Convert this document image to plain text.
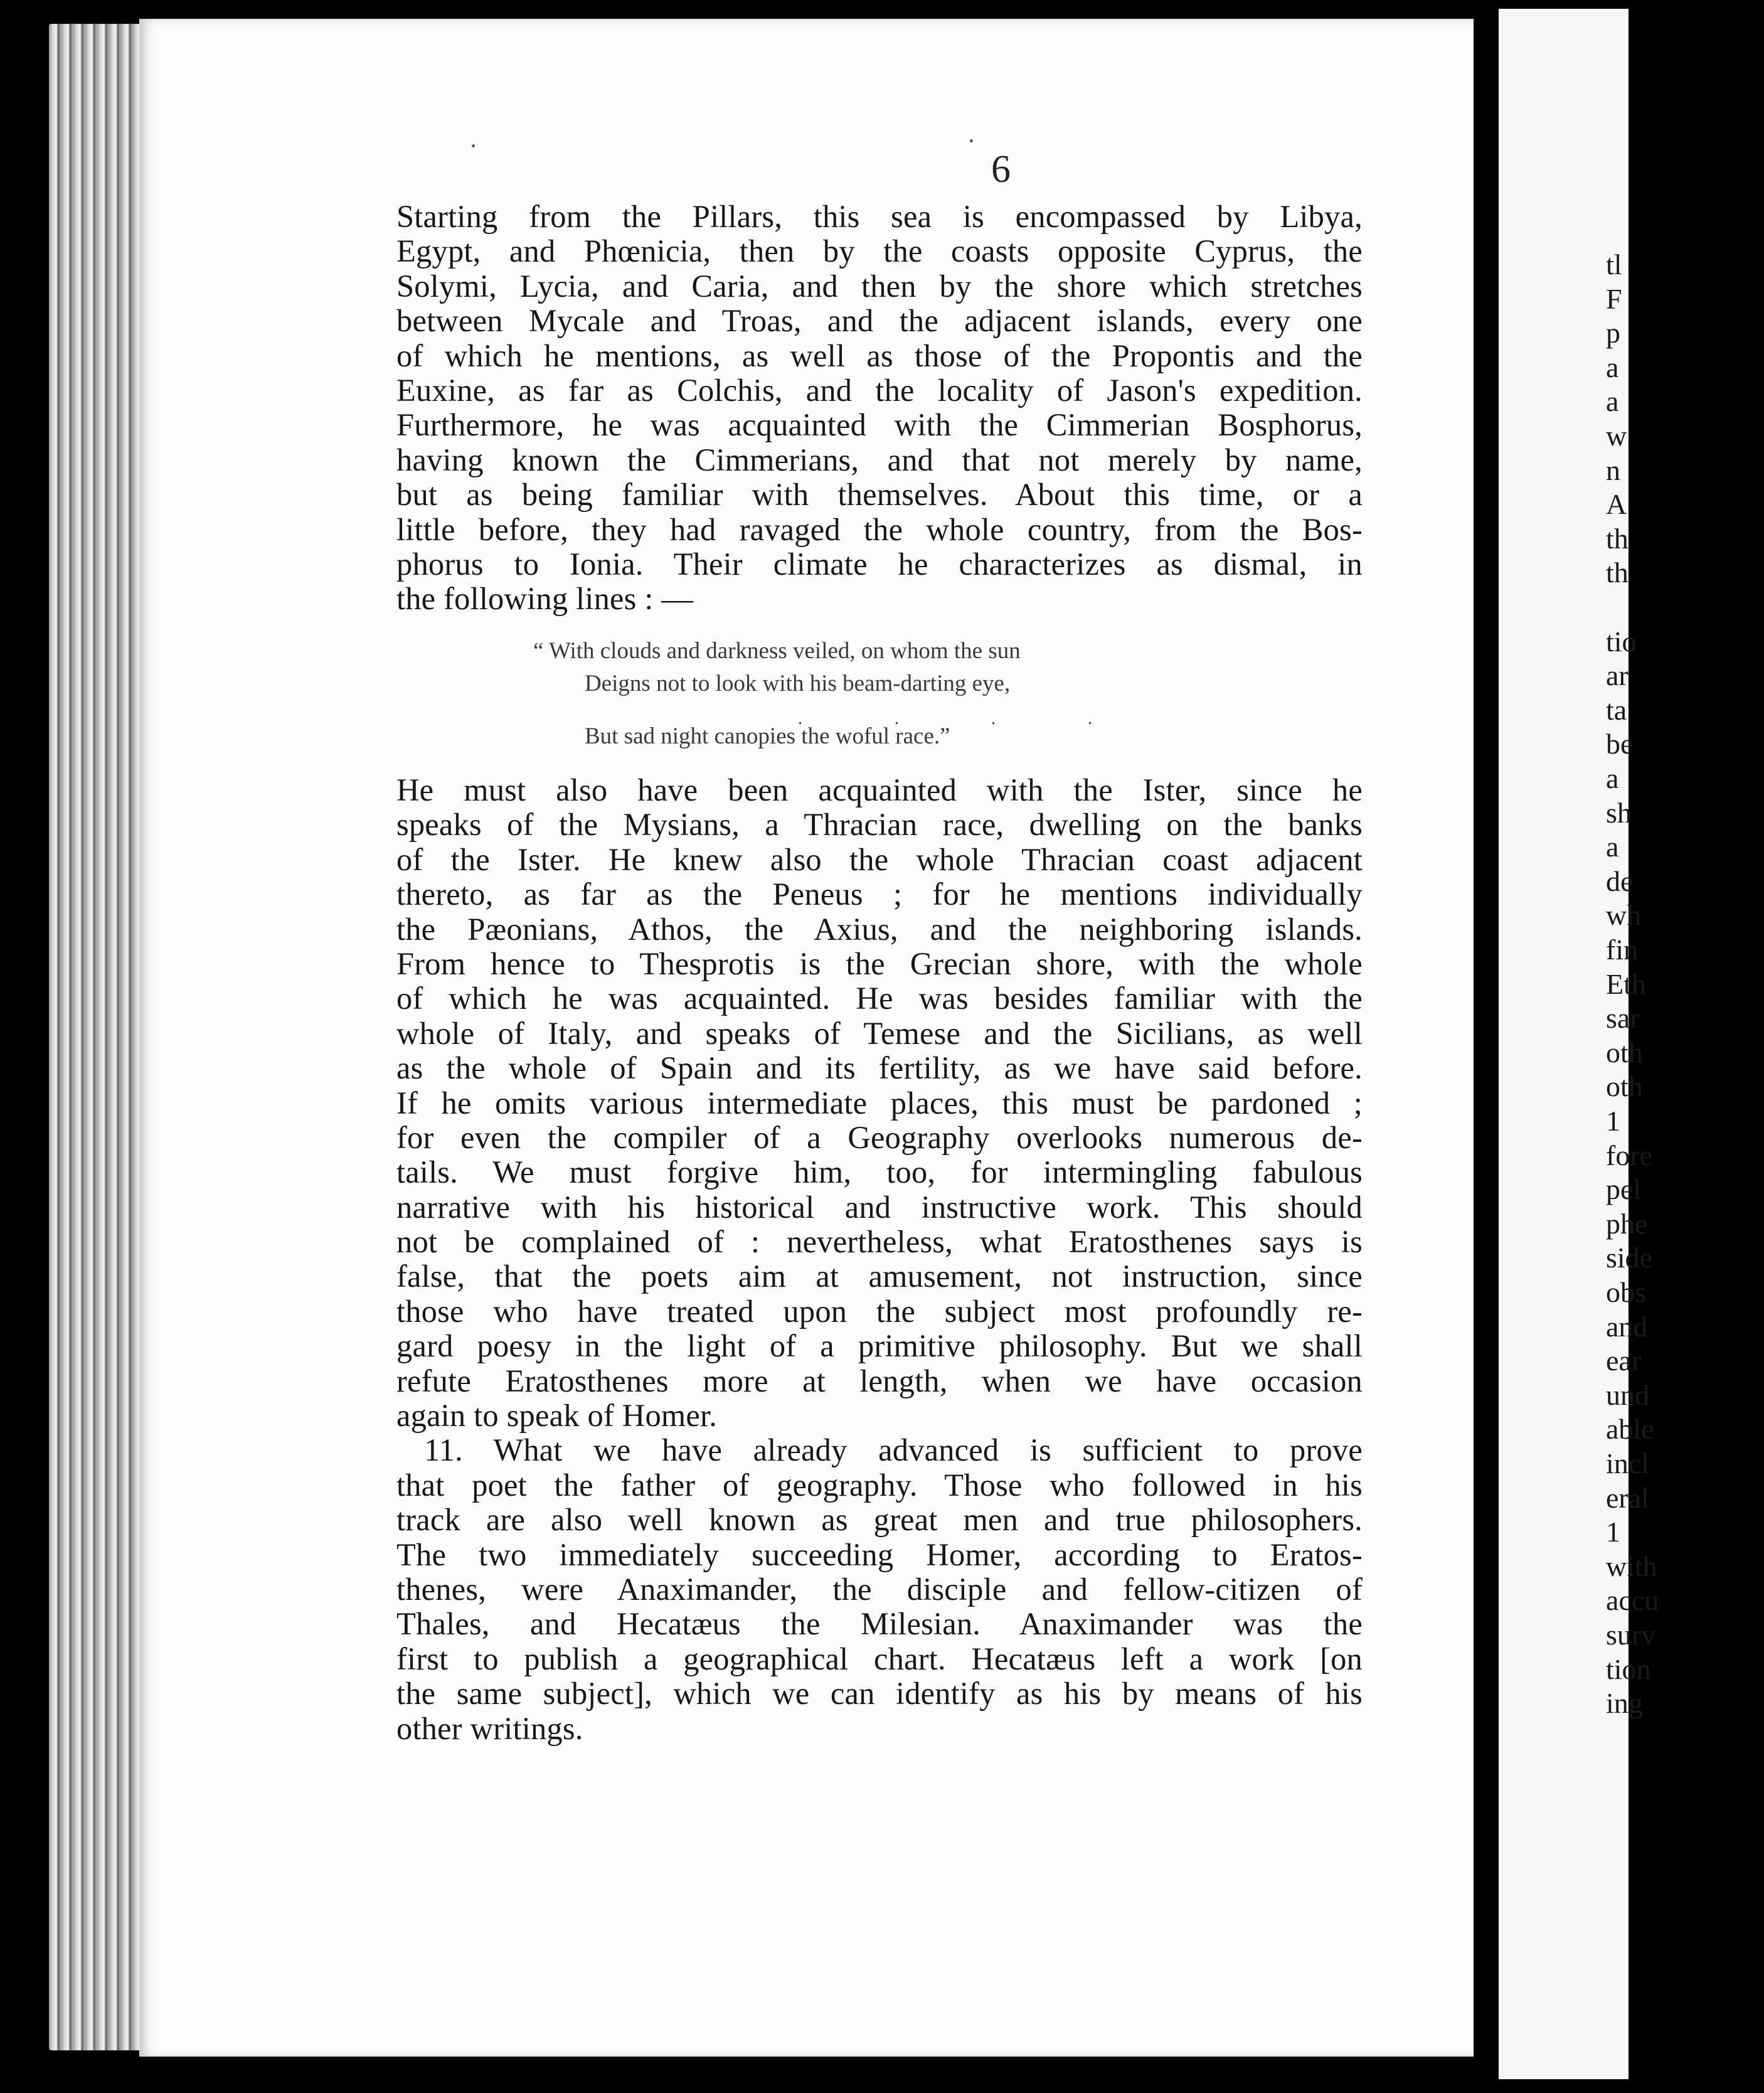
6
Starting from the Pillars, this sea is encompassed by Libya,
Egypt, and Phœnicia, then by the coasts opposite Cyprus, the
Solymi, Lycia, and Caria, and then by the shore which stretches
between Mycale and Troas, and the adjacent islands, every one
of which he mentions, as well as those of the Propontis and the
Euxine, as far as Colchis, and the locality of Jason's expedition.
Furthermore, he was acquainted with the Cimmerian Bosphorus,
having known the Cimmerians, and that not merely by name,
but as being familiar with themselves. About this time, or a
little before, they had ravaged the whole country, from the Bos-
phorus to Ionia. Their climate he characterizes as dismal, in
the following lines : —
“ With clouds and darkness veiled, on whom the sun
Deigns not to look with his beam-darting eye,
. . . .
But sad night canopies the woful race.”
He must also have been acquainted with the Ister, since he
speaks of the Mysians, a Thracian race, dwelling on the banks
of the Ister. He knew also the whole Thracian coast adjacent
thereto, as far as the Peneus ; for he mentions individually
the Pæonians, Athos, the Axius, and the neighboring islands.
From hence to Thesprotis is the Grecian shore, with the whole
of which he was acquainted. He was besides familiar with the
whole of Italy, and speaks of Temese and the Sicilians, as well
as the whole of Spain and its fertility, as we have said before.
If he omits various intermediate places, this must be pardoned ;
for even the compiler of a Geography overlooks numerous de-
tails. We must forgive him, too, for intermingling fabulous
narrative with his historical and instructive work. This should
not be complained of : nevertheless, what Eratosthenes says is
false, that the poets aim at amusement, not instruction, since
those who have treated upon the subject most profoundly re-
gard poesy in the light of a primitive philosophy. But we shall
refute Eratosthenes more at length, when we have occasion
again to speak of Homer.
11. What we have already advanced is sufficient to prove
that poet the father of geography. Those who followed in his
track are also well known as great men and true philosophers.
The two immediately succeeding Homer, according to Eratos-
thenes, were Anaximander, the disciple and fellow-citizen of
Thales, and Hecatæus the Milesian. Anaximander was the
first to publish a geographical chart. Hecatæus left a work [on
the same subject], which we can identify as his by means of his
other writings.
tl
F
p
a
a
w
n
A
th
th
tio
ar
ta
be
a
sh
a
de
wh
fin
Eth
sar
oth
oth
1
fore
pel
phe
side
obs
and
ear
und
able
incl
eral
1
with
accu
surv
tion
ing
